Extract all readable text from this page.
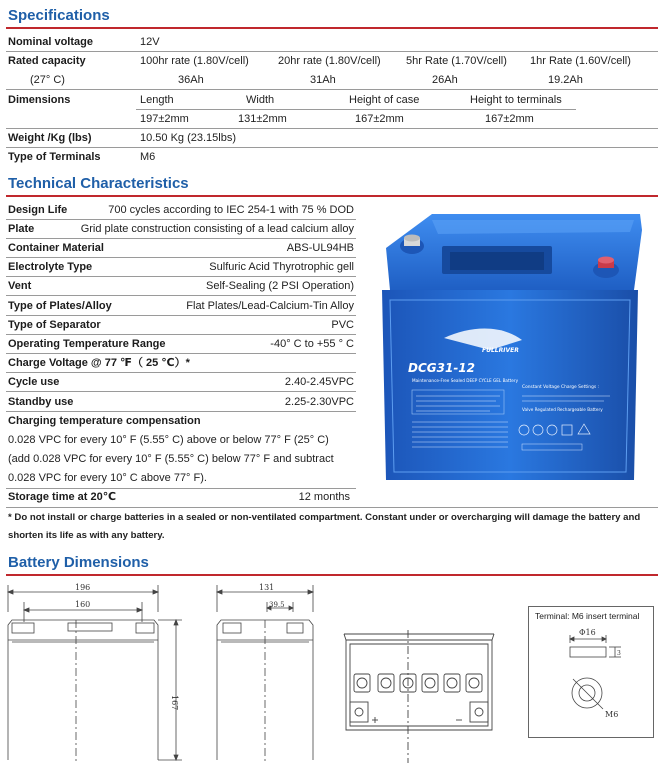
Specifications
Nominal voltage	12V
Rated capacity	100hr rate (1.80V/cell)	20hr rate (1.80V/cell) 5hr Rate (1.70V/cell) 1hr Rate (1.60V/cell)
(27° C)	36Ah	31Ah	26Ah	19.2Ah
Dimensions	Length	Width	Height of case	Height to terminals
197±2mm	131±2mm	167±2mm	167±2mm
Weight /Kg (lbs)	10.50 Kg (23.15lbs)
Type of Terminals	M6
Technical Characteristics
Design Life	700 cycles according to IEC 254-1 with 75 % DOD
Plate	Grid plate construction consisting of a lead calcium alloy
Container Material	ABS-UL94HB
Electrolyte Type	Sulfuric Acid Thyrotrophic gell
Vent	Self-Sealing (2 PSI Operation)
Type of Plates/Alloy	Flat Plates/Lead-Calcium-Tin Alloy
Type of Separator	PVC
Operating Temperature Range	-40° C to +55 ° C
Charge Voltage @ 77 ℉（ 25 ℃）*
Cycle use	2.40-2.45VPC
Standby use	2.25-2.30VPC
Charging temperature compensation
0.028 VPC for every 10° F (5.55° C) above or below 77° F (25° C)
(add 0.028 VPC for every 10° F (5.55° C) below 77° F and subtract
0.028 VPC for every 10° C above 77° F).
Storage time at 20℃	12 months
* Do not install or charge batteries in a sealed or non-ventilated compartment. Constant under or overcharging will damage the battery and
shorten its life as with any battery.
DCG31-12
FULLRIVER
Maintenance-Free Sealed DEEP CYCLE GEL Battery
Constant Voltage Charge Settings :
Valve Regulated Rechargeable Battery
Battery Dimensions
196
160
167
131
39.5
Terminal: M6 insert terminal
Φ16
3
M6
